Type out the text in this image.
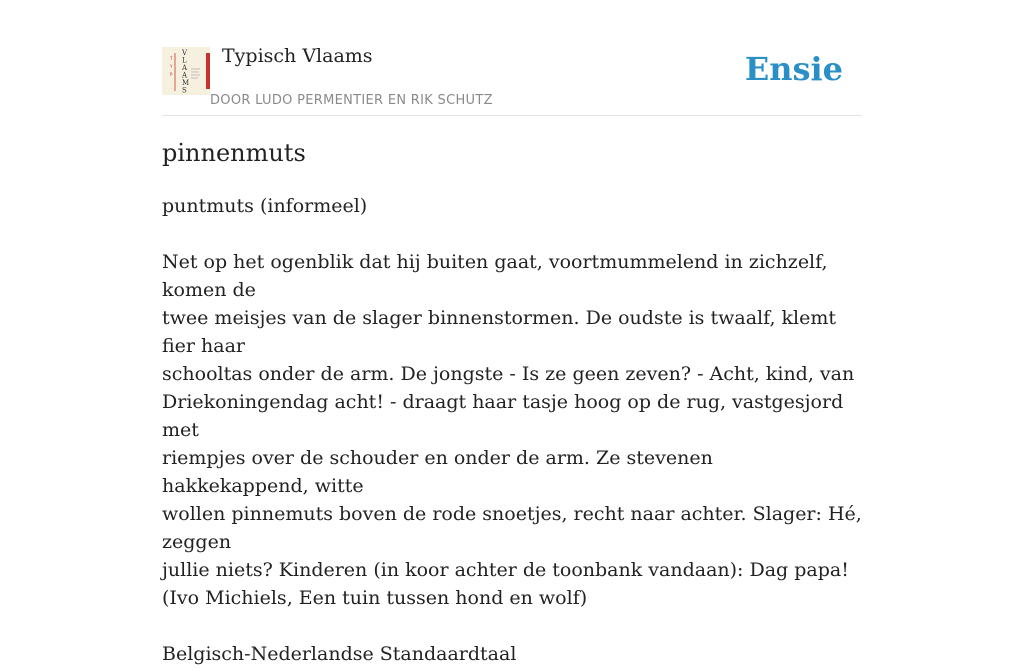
T
Y
P
V
L
A
A
M
S
Typisch Vlaams
DOOR LUDO PERMENTIER EN RIK SCHUTZ
Ensie
pinnenmuts

puntmuts (informeel)

Net op het ogenblik dat hij buiten gaat, voortmummelend in zichzelf, komen de

twee meisjes van de slager binnenstormen. De oudste is twaalf, klemt fier haar

schooltas onder de arm. De jongste - Is ze geen zeven? - Acht, kind, van

Driekoningendag acht! - draagt haar tasje hoog op de rug, vastgesjord met

riempjes over de schouder en onder de arm. Ze stevenen hakkekappend, witte

wollen pinnemuts boven de rode snoetjes, recht naar achter. Slager: Hé, zeggen

jullie niets? Kinderen (in koor achter de toonbank vandaan): Dag papa!

(Ivo Michiels, Een tuin tussen hond en wolf)

Belgisch-Nederlandse Standaardtaal
